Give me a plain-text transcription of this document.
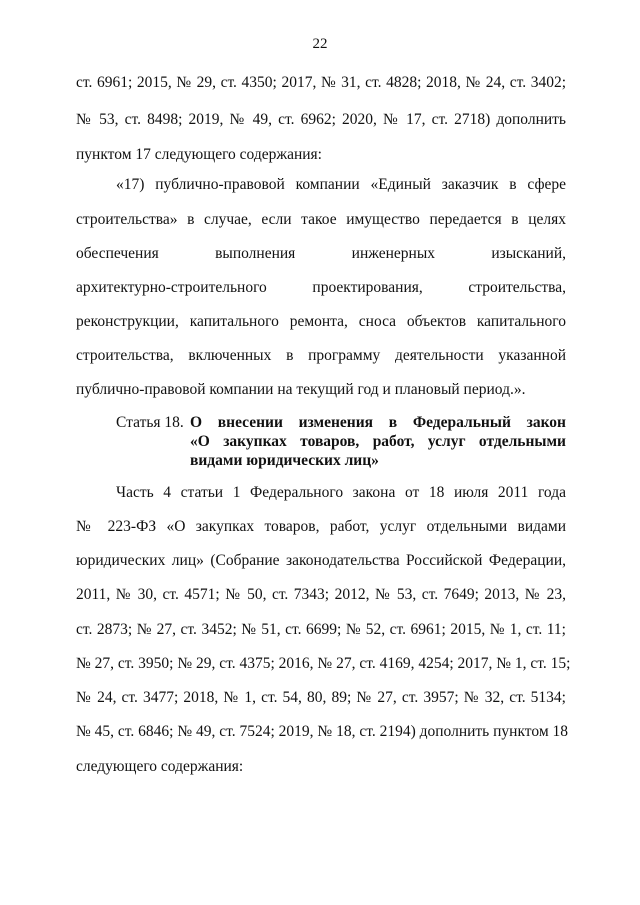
22
ст. 6961; 2015, № 29, ст. 4350; 2017, № 31, ст. 4828; 2018, № 24, ст. 3402;
№ 53, ст. 8498; 2019, № 49, ст. 6962; 2020, № 17, ст. 2718) дополнить
пунктом 17 следующего содержания:
«17) публично-правовой компании «Единый заказчик в сфере
строительства» в случае, если такое имущество передается в целях
обеспечения выполнения инженерных изысканий,
архитектурно-строительного проектирования, строительства,
реконструкции, капитального ремонта, сноса объектов капитального
строительства, включенных в программу деятельности указанной
публично-правовой компании на текущий год и плановый период.».
Статья 18. О внесении изменения в Федеральный закон
«О закупках товаров, работ, услуг отдельными
видами юридических лиц»
Часть 4 статьи 1 Федерального закона от 18 июля 2011 года
№ 223-ФЗ «О закупках товаров, работ, услуг отдельными видами
юридических лиц» (Собрание законодательства Российской Федерации,
2011, № 30, ст. 4571; № 50, ст. 7343; 2012, № 53, ст. 7649; 2013, № 23,
ст. 2873; № 27, ст. 3452; № 51, ст. 6699; № 52, ст. 6961; 2015, № 1, ст. 11;
№ 27, ст. 3950; № 29, ст. 4375; 2016, № 27, ст. 4169, 4254; 2017, № 1, ст. 15;
№ 24, ст. 3477; 2018, № 1, ст. 54, 80, 89; № 27, ст. 3957; № 32, ст. 5134;
№ 45, ст. 6846; № 49, ст. 7524; 2019, № 18, ст. 2194) дополнить пунктом 18
следующего содержания:
